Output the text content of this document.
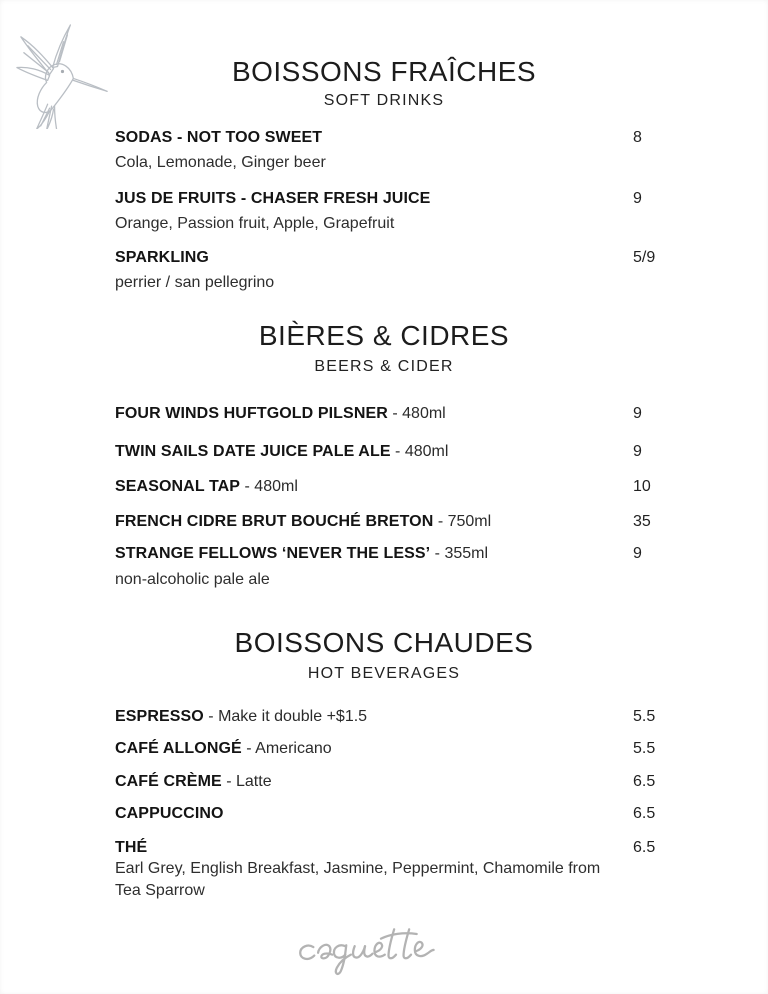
BOISSONS FRAÎCHES
SOFT DRINKS
SODAS - NOT TOO SWEET	8
Cola, Lemonade, Ginger beer
JUS DE FRUITS - CHASER FRESH JUICE	9
Orange, Passion fruit, Apple, Grapefruit
SPARKLING	5/9
perrier / san pellegrino
BIÈRES & CIDRES
BEERS & CIDER
FOUR WINDS HUFTGOLD PILSNER - 480ml	9
TWIN SAILS DATE JUICE PALE ALE - 480ml	9
SEASONAL TAP - 480ml	10
FRENCH CIDRE BRUT BOUCHÉ BRETON - 750ml	35
STRANGE FELLOWS ‘NEVER THE LESS’ - 355ml	9
non-alcoholic pale ale
BOISSONS CHAUDES
HOT BEVERAGES
ESPRESSO - Make it double +$1.5	5.5
CAFÉ ALLONGÉ - Americano	5.5
CAFÉ CRÈME - Latte	6.5
CAPPUCCINO	6.5
THÉ	6.5
Earl Grey, English Breakfast, Jasmine, Peppermint, Chamomile from Tea Sparrow
